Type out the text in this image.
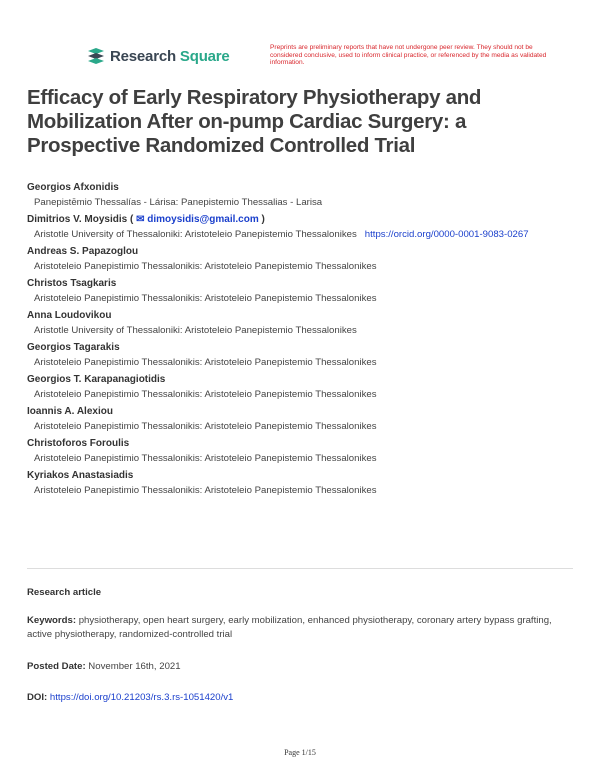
Research Square	Preprints are preliminary reports that have not undergone peer review. They should not be considered conclusive, used to inform clinical practice, or referenced by the media as validated information.
Efficacy of Early Respiratory Physiotherapy and Mobilization After on-pump Cardiac Surgery: a Prospective Randomized Controlled Trial
Georgios Afxonidis
Panepistēmio Thessalías - Lárisa: Panepistemio Thessalias - Larisa
Dimitrios V. Moysidis ( ✉ dimoysidis@gmail.com )
Aristotle University of Thessaloniki: Aristoteleio Panepistemio Thessalonikes https://orcid.org/0000-0001-9083-0267
Andreas S. Papazoglou
Aristoteleio Panepistimio Thessalonikis: Aristoteleio Panepistemio Thessalonikes
Christos Tsagkaris
Aristoteleio Panepistimio Thessalonikis: Aristoteleio Panepistemio Thessalonikes
Anna Loudovikou
Aristotle University of Thessaloniki: Aristoteleio Panepistemio Thessalonikes
Georgios Tagarakis
Aristoteleio Panepistimio Thessalonikis: Aristoteleio Panepistemio Thessalonikes
Georgios T. Karapanagiotidis
Aristoteleio Panepistimio Thessalonikis: Aristoteleio Panepistemio Thessalonikes
Ioannis A. Alexiou
Aristoteleio Panepistimio Thessalonikis: Aristoteleio Panepistemio Thessalonikes
Christoforos Foroulis
Aristoteleio Panepistimio Thessalonikis: Aristoteleio Panepistemio Thessalonikes
Kyriakos Anastasiadis
Aristoteleio Panepistimio Thessalonikis: Aristoteleio Panepistemio Thessalonikes
Research article
Keywords: physiotherapy, open heart surgery, early mobilization, enhanced physiotherapy, coronary artery bypass grafting, active physiotherapy, randomized-controlled trial
Posted Date: November 16th, 2021
DOI: https://doi.org/10.21203/rs.3.rs-1051420/v1
Page 1/15
